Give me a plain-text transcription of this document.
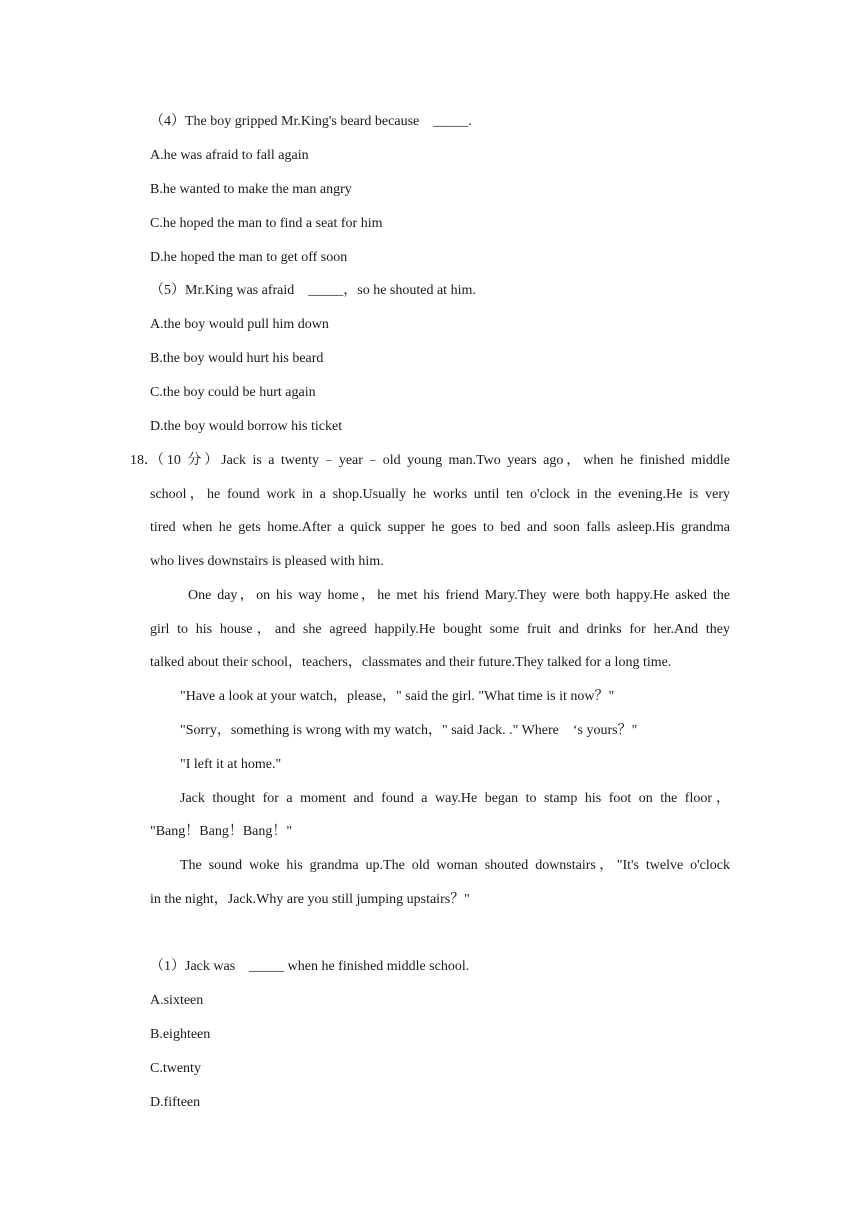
（4）The boy gripped Mr.King's beard because　_____.
A.he was afraid to fall again
B.he wanted to make the man angry
C.he hoped the man to find a seat for him
D.he hoped the man to get off soon
（5）Mr.King was afraid　_____，so he shouted at him.
A.the boy would pull him down
B.the boy would hurt his beard
C.the boy could be hurt again
D.the boy would borrow his ticket
18．
（10 分）Jack is a twenty﹣year﹣old young man.Two years ago，when he finished middle
school，he found work in a shop.Usually he works until ten o'clock in the evening.He is very
tired when he gets home.After a quick supper he goes to bed and soon falls asleep.His grandma
who lives downstairs is pleased with him.
One day，on his way home，he met his friend Mary.They were both happy.He asked the
girl to his house，and she agreed happily.He bought some fruit and drinks for her.And they
talked about their school，teachers，classmates and their future.They talked for a long time.
"Have a look at your watch，please，" said the girl. "What time is it now？"
"Sorry，something is wrong with my watch，" said Jack. ." Where　‘s yours？"
"I left it at home."
Jack thought for a moment and found a way.He began to stamp his foot on the floor，
"Bang！Bang！Bang！"
The sound woke his grandma up.The old woman shouted downstairs，"It's twelve o'clock
in the night，Jack.Why are you still jumping upstairs？"
（1）Jack was　_____ when he finished middle school.
A.sixteen
B.eighteen
C.twenty
D.fifteen
